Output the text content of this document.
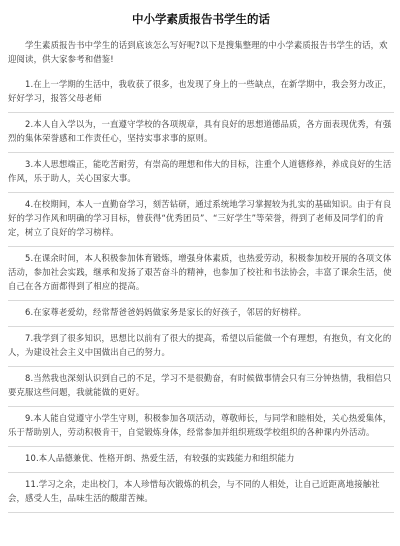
中小学素质报告书学生的话

学生素质报告书中学生的话到底该怎么写好呢?以下是搜集整理的中小学素质报告书学生的话，欢迎阅读，供大家参考和借鉴!

1.在上一学期的生活中，我收获了很多，也发现了身上的一些缺点，在新学期中，我会努力改正，好好学习，报答父母老师

2.本人自入学以为，一直遵守学校的各项规章，具有良好的思想道德品质，各方面表现优秀，有强烈的集体荣誉感和工作责任心，坚持实事求事的原则。

3.本人思想端正，能吃苦耐劳，有崇高的理想和伟大的目标，注重个人道德修养，养成良好的生活作风，乐于助人，关心国家大事。

4.在校期间，本人一直勤奋学习，刻苦钻研，通过系统地学习掌握较为扎实的基础知识。由于有良好的学习作风和明确的学习目标，曾获得“优秀团员”、“三好学生”等荣誉，得到了老师及同学们的肯定，树立了良好的学习榜样。

5.在课余时间，本人积极参加体育锻炼，增强身体素质，也热爱劳动，积极参加校开展的各项文体活动，参加社会实践，继承和发扬了艰苦奋斗的精神，也参加了校社和书法协会，丰富了课余生活，使自己在各方面都得到了相应的提高。

6.在家尊老爱幼，经常帮爸爸妈妈做家务是家长的好孩子，邻居的好榜样。

7.我学到了很多知识，思想比以前有了很大的提高，希望以后能做一个有理想，有抱负，有文化的人，为建设社会主义中国做出自己的努力。

8.当然我也深刻认识到自己的不足，学习不是很勤奋，有时候做事情会只有三分钟热情，我相信只要克服这些问题，我就能做的更好。

9.本人能自觉遵守小学生守则，积极参加各项活动，尊敬师长，与同学和睦相处，关心热爱集体，乐于帮助别人，劳动积极肯干，自觉锻炼身体，经常参加并组织班级学校组织的各种课内外活动。

10.本人品德兼优、性格开朗、热爱生活，有较强的实践能力和组织能力

11.学习之余，走出校门，本人珍惜每次锻炼的机会，与不同的人相处，让自己近距离地接触社会，感受人生，品味生活的酸甜苦辣。
